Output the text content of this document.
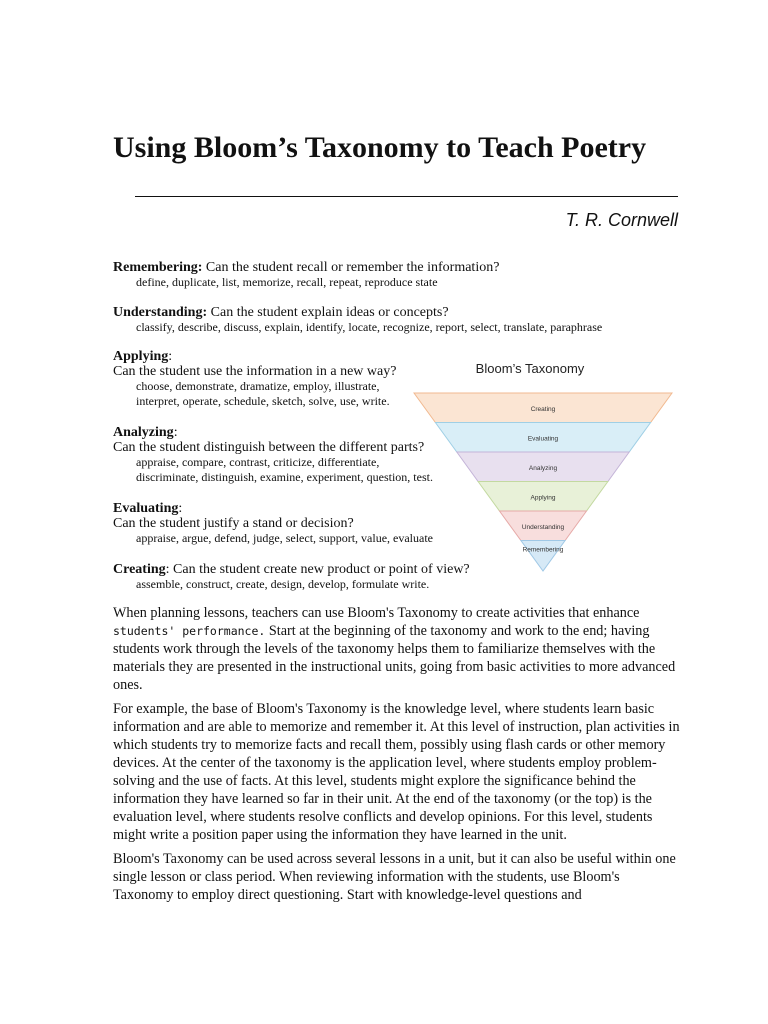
Using Bloom’s Taxonomy to Teach Poetry
T. R. Cornwell
Remembering: Can the student recall or remember the information?
define, duplicate, list, memorize, recall, repeat, reproduce state
Understanding: Can the student explain ideas or concepts?
classify, describe, discuss, explain, identify, locate, recognize, report, select, translate, paraphrase
Applying:
Can the student use the information in a new way?
choose, demonstrate, dramatize, employ, illustrate,
interpret, operate, schedule, sketch, solve, use, write.
Analyzing:
Can the student distinguish between the different parts?
appraise, compare, contrast, criticize, differentiate,
discriminate, distinguish, examine, experiment, question, test.
Evaluating:
Can the student justify a stand or decision?
appraise, argue, defend, judge, select, support, value, evaluate
Creating: Can the student create new product or point of view?
assemble, construct, create, design, develop, formulate write.
Bloom’s Taxonomy
Creating
Evaluating
Analyzing
Applying
Understanding
Remembering

When planning lessons, teachers can use Bloom's Taxonomy to create activities that enhance students' performance. Start at the beginning of the taxonomy and work to the end; having students work through the levels of the taxonomy helps them to familiarize themselves with the materials they are presented in the instructional units, going from basic activities to more advanced ones.

For example, the base of Bloom's Taxonomy is the knowledge level, where students learn basic information and are able to memorize and remember it. At this level of instruction, plan activities in which students try to memorize facts and recall them, possibly using flash cards or other memory devices. At the center of the taxonomy is the application level, where students employ problem-solving and the use of facts. At this level, students might explore the significance behind the information they have learned so far in their unit. At the end of the taxonomy (or the top) is the evaluation level, where students resolve conflicts and develop opinions. For this level, students might write a position paper using the information they have learned in the unit.

Bloom's Taxonomy can be used across several lessons in a unit, but it can also be useful within one single lesson or class period. When reviewing information with the students, use Bloom's Taxonomy to employ direct questioning. Start with knowledge-level questions and
